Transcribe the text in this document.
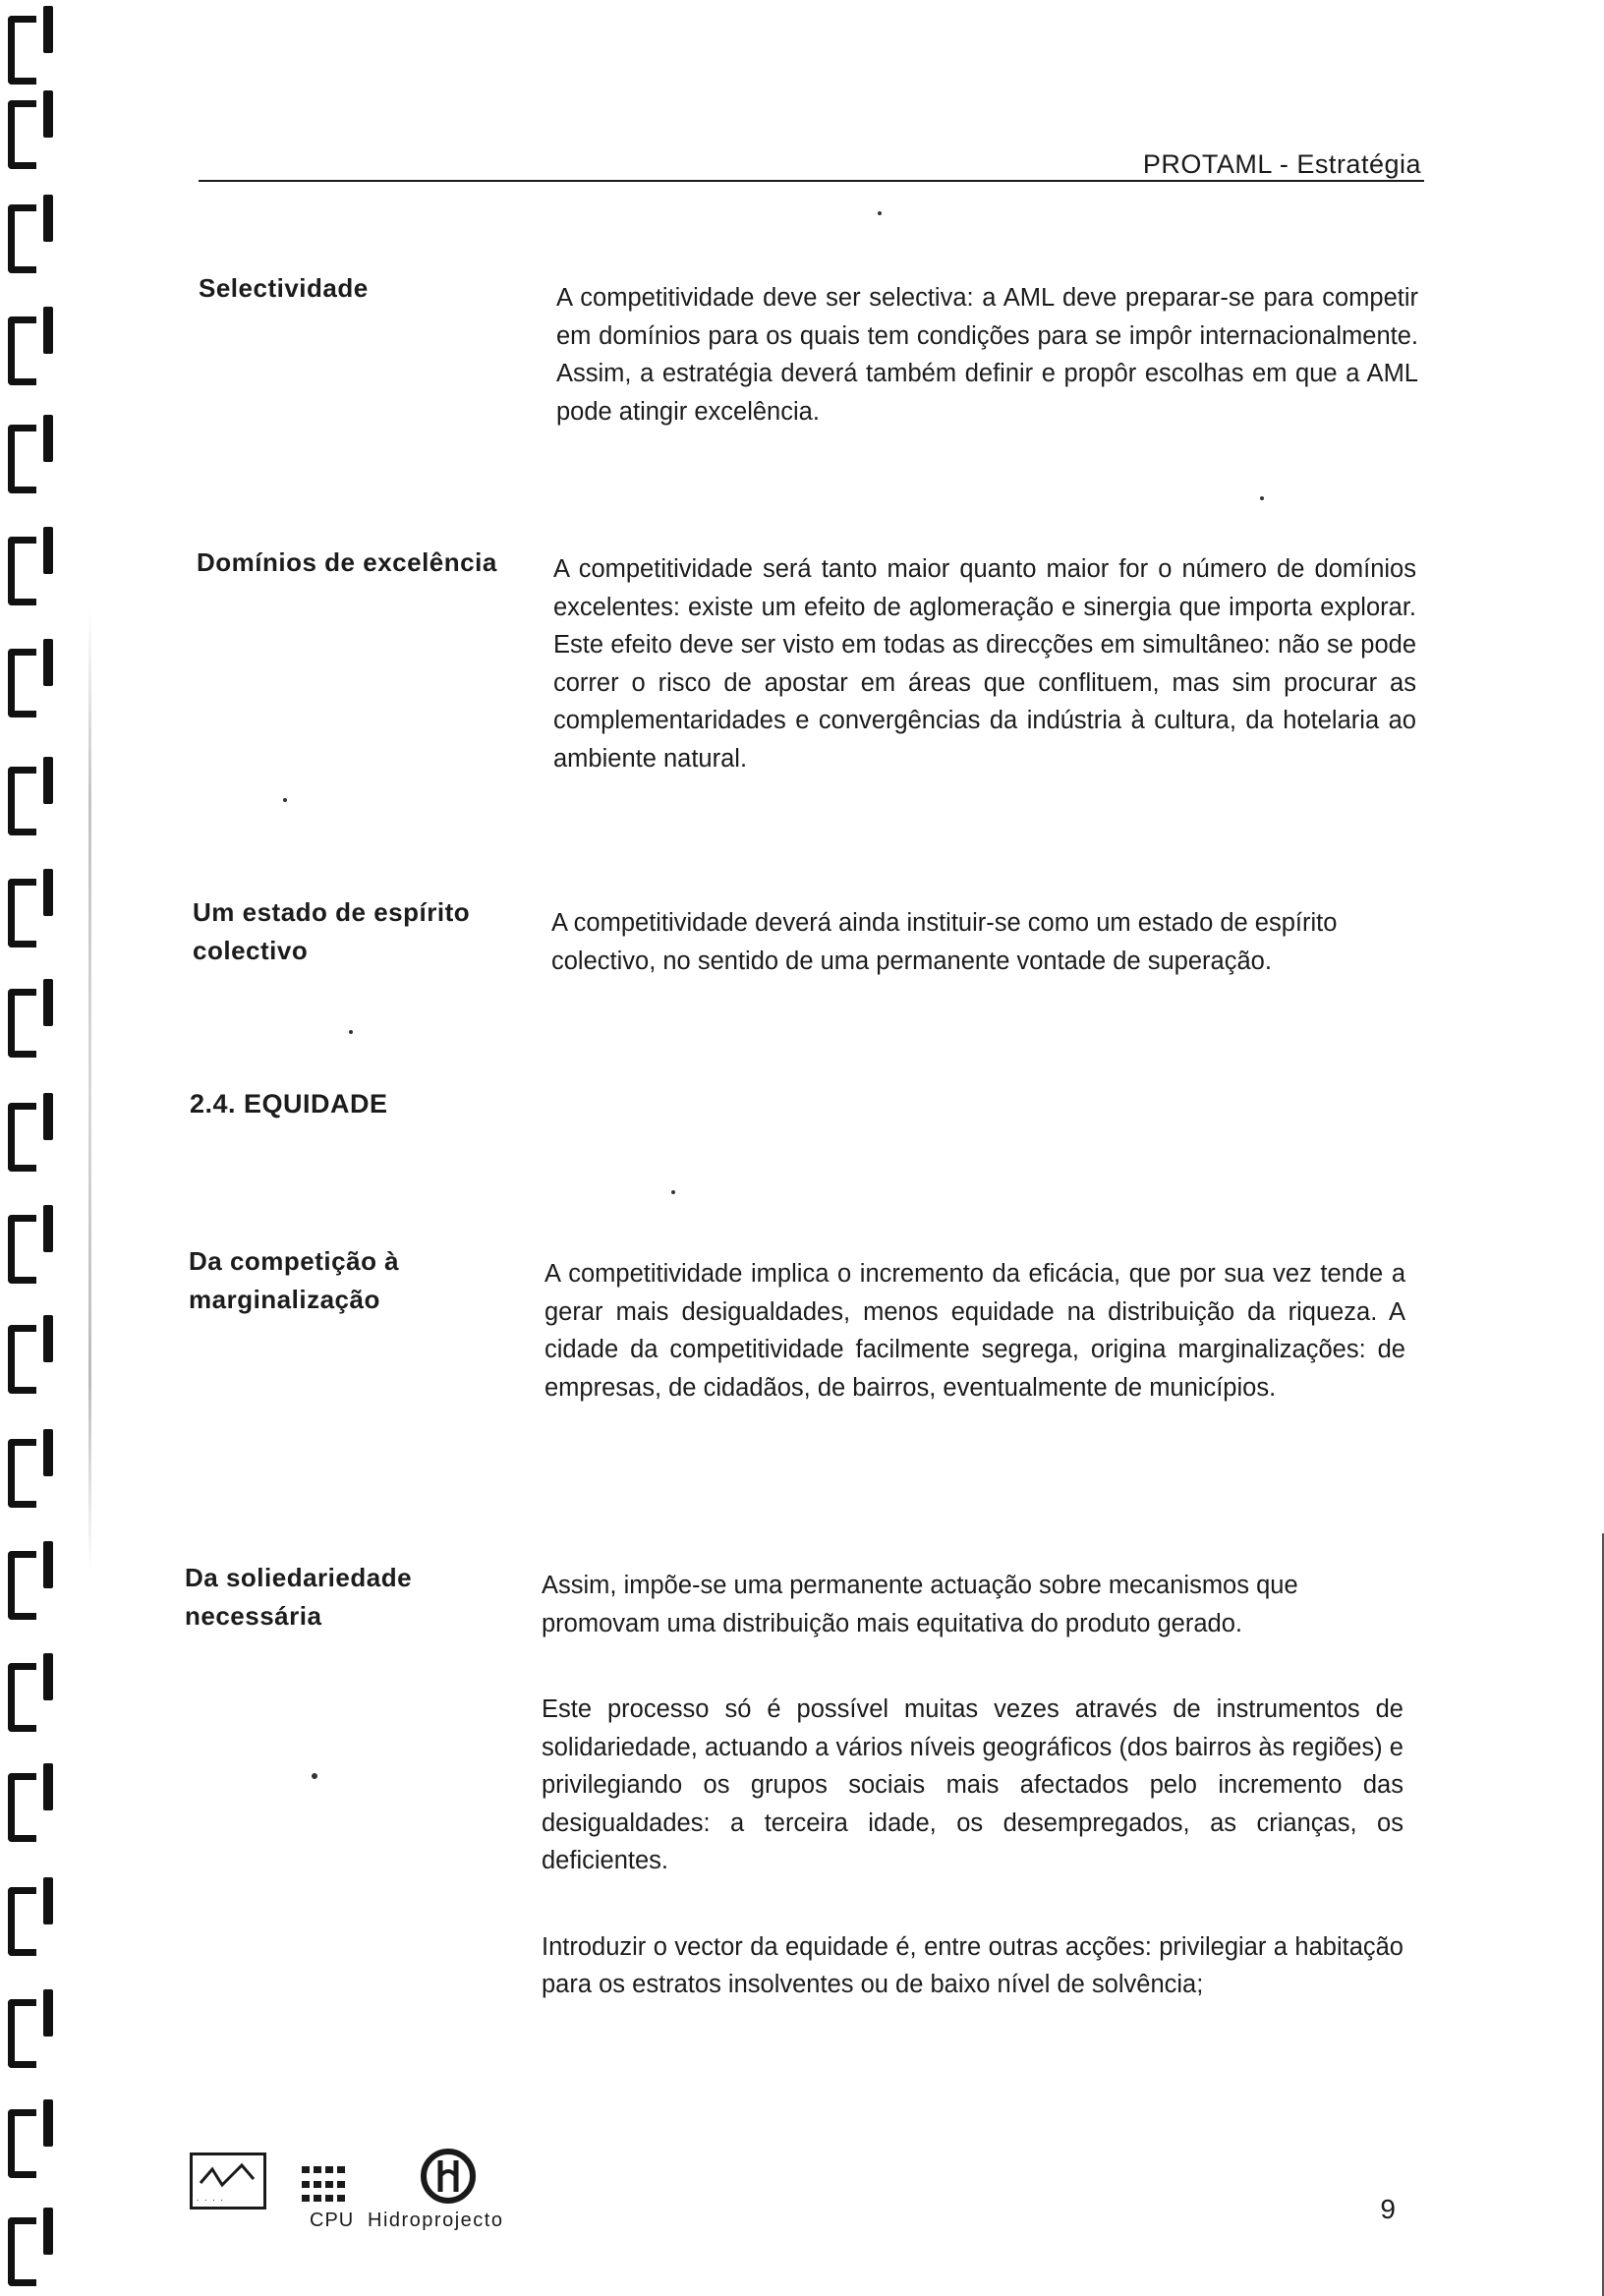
PROTAML - Estratégia
Selectividade	A competitividade deve ser selectiva: a AML deve preparar-se para competir em domínios para os quais tem condições para se impôr internacionalmente. Assim, a estratégia deverá também definir e propôr escolhas em que a AML pode atingir excelência.

Domínios de excelência A competitividade será tanto maior quanto maior for o número de domínios excelentes: existe um efeito de aglomeração e sinergia que importa explorar. Este efeito deve ser visto em todas as direcções em simultâneo: não se pode correr o risco de apostar em áreas que conflituem, mas sim procurar as complementaridades e convergências da indústria à cultura, da hotelaria ao ambiente natural.

Um estado de espírito
colectivo

A competitividade deverá ainda instituir-se como um estado de espírito colectivo, no sentido de uma permanente vontade de superação.

2.4. EQUIDADE
Da competição à
marginalização

A competitividade implica o incremento da eficácia, que por sua vez tende a gerar mais desigualdades, menos equidade na distribuição da riqueza. A cidade da competitividade facilmente segrega, origina marginalizações: de empresas, de cidadãos, de bairros, eventualmente de municípios.

Da soliedariedade
necessária

Assim, impõe-se uma permanente actuação sobre mecanismos que promovam uma distribuição mais equitativa do produto gerado.

Este processo só é possível muitas vezes através de instrumentos de solidariedade, actuando a vários níveis geográficos (dos bairros às regiões) e privilegiando os grupos sociais mais afectados pelo incremento das desigualdades: a terceira idade, os desempregados, as crianças, os deficientes.

Introduzir o vector da equidade é, entre outras acções: privilegiar a habitação para os estratos insolventes ou de baixo nível de solvência;

····
CPU Hidroprojecto	9
